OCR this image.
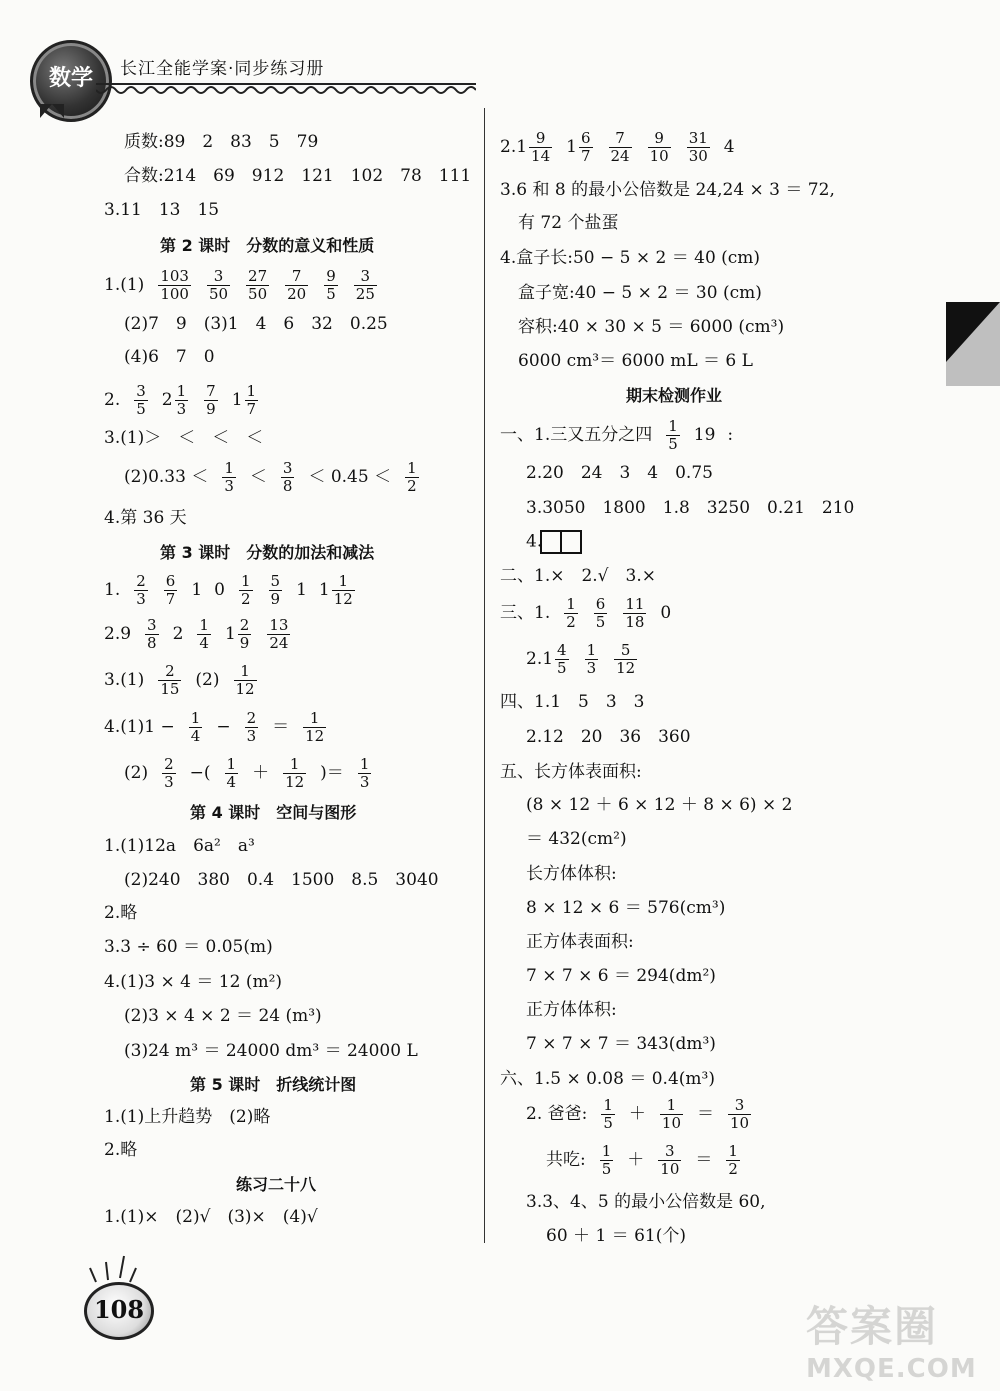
数学	长江全能学案·同步练习册
质数:89　2　83　5　79
合数:214　69　912　121　102　78　111
3.11　13　15
第 2 课时　分数的意义和性质
$1.(1) \frac{103}{100} \frac{3}{50} \frac{27}{50} \frac{7}{20} \frac{9}{5} \frac{3}{25}$
(2)7　9　(3)1　4　6　32　0.25
(4)6　7　0
2. $\frac{3}{5} 2 \frac{1}{3} \frac{7}{9} 1 \frac{1}{7}$
3.(1)＞　＜　＜　＜
$(2)0.33 < \frac{1}{3} < \frac{3}{8} < 0.45 < \frac{1}{2}$
4.第 36 天
第 3 课时　分数的加法和减法
1. $\frac{2}{3} \frac{6}{7} 1$ $0 \frac{1}{2} \frac{5}{9} 1$ $1 \frac{1}{12}$
$2.9 \frac{3}{8} 2 \frac{1}{4} 1 \frac{2}{9} \frac{13}{24}$
$3.(1) \frac{2}{15} (2) \frac{1}{12}$
$4.(1)1 - \frac{1}{4} - \frac{2}{3} = \frac{1}{12}$
$(2) \frac{2}{3}$ −( $\frac{1}{4} + \frac{1}{12}$ )＝ $\frac{1}{3}$
第 4 课时　空间与图形
1.(1)12a　6a²　a³
(2)240　380　0.4　1500　8.5　3040
2.略
3.3 ÷ 60 ＝ 0.05(m)
4.(1)3 × 4 ＝ 12 (m²)
(2)3 × 4 × 2 ＝ 24 (m³)
(3)24 m³ ＝ 24000 dm³ ＝ 24000 L
第 5 课时　折线统计图
1.(1)上升趋势　(2)略
2.略
练习二十八
1.(1)×　(2)√　(3)×　(4)√
$2.1 \frac{9}{14} 1 \frac{6}{7} \frac{7}{24} \frac{9}{10} \frac{31}{30} 4$
3.6 和 8 的最小公倍数是 24,24 × 3 ＝ 72,
有 72 个盐蛋
4.盒子长:50 − 5 × 2 ＝ 40 (cm)
盒子宽:40 − 5 × 2 ＝ 30 (cm)
容积:40 × 30 × 5 ＝ 6000 (cm³)
6000 cm³＝ 6000 mL ＝ 6 L
期末检测作业
一、1.三又五分之四 $\frac{1}{5} 19$ :
2.20　24　3　4　0.75
3.3050　1800　1.8　3250　0.21　210
4.
二、1.×　2.√　3.×
三、1. $\frac{1}{2} \frac{6}{5} \frac{11}{18} 0$
$2.1 \frac{4}{5} \frac{1}{3} \frac{5}{12}$
四、1.1　5　3　3
2.12　20　36　360
五、长方体表面积:
(8 × 12 ＋ 6 × 12 ＋ 8 × 6) × 2
＝ 432(cm²)
长方体体积:
8 × 12 × 6 ＝ 576(cm³)
正方体表面积:
7 × 7 × 6 ＝ 294(dm²)
正方体体积:
7 × 7 × 7 ＝ 343(dm³)
六、1.5 × 0.08 ＝ 0.4(m³)
2. 爸爸: $\frac{1}{5} + \frac{1}{10} = \frac{3}{10}$
共吃: $\frac{1}{5} + \frac{3}{10} = \frac{1}{2}$
3.3、4、5 的最小公倍数是 60,
60 ＋ 1 ＝ 61(个)
108	答案圈
MXQE.COM
